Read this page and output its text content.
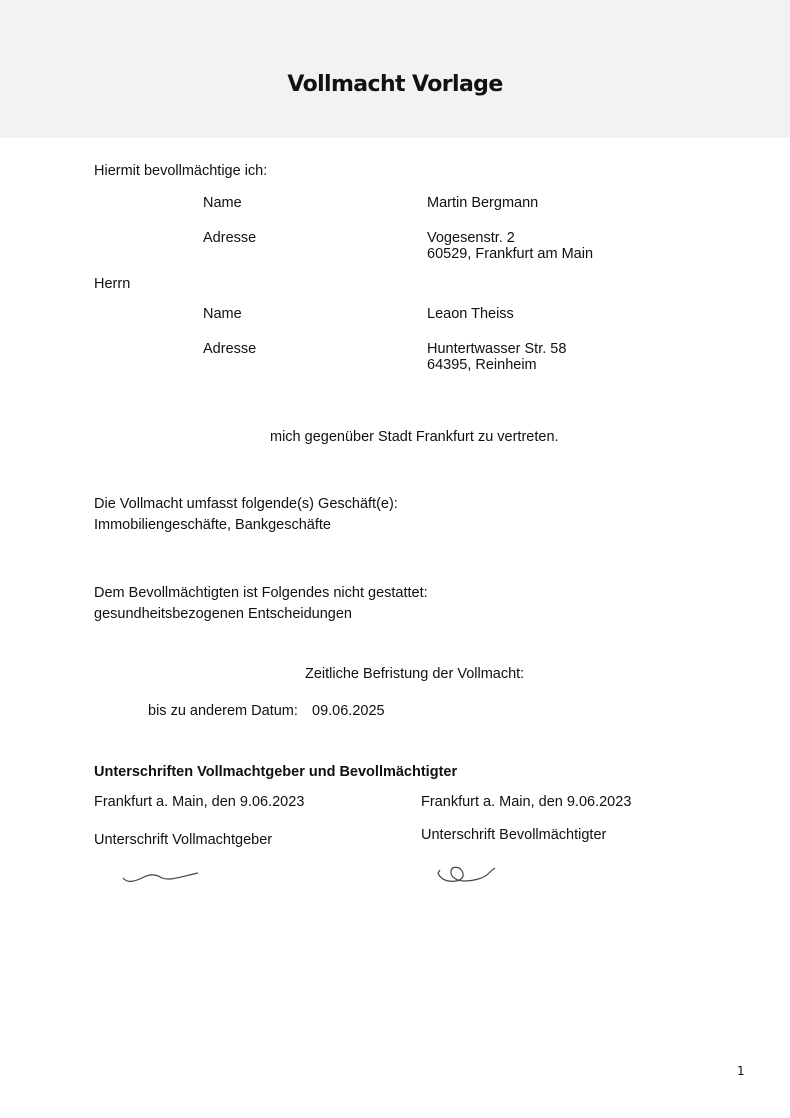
Vollmacht Vorlage
Hiermit bevollmächtige ich:
Name	Martin Bergmann
Adresse	Vogesenstr. 2
60529, Frankfurt am Main
Herrn
Name	Leaon Theiss
Adresse	Huntertwasser Str. 58
64395, Reinheim
mich gegenüber Stadt Frankfurt zu vertreten.
Die Vollmacht umfasst folgende(s) Geschäft(e):
Immobiliengeschäfte, Bankgeschäfte
Dem Bevollmächtigten ist Folgendes nicht gestattet:
gesundheitsbezogenen Entscheidungen
Zeitliche Befristung der Vollmacht:
bis zu anderem Datum: 09.06.2025
Unterschriften Vollmachtgeber und Bevollmächtigter
Frankfurt a. Main, den 9.06.2023	Frankfurt a. Main, den 9.06.2023
Unterschrift Vollmachtgeber	Unterschrift Bevollmächtigter
1
